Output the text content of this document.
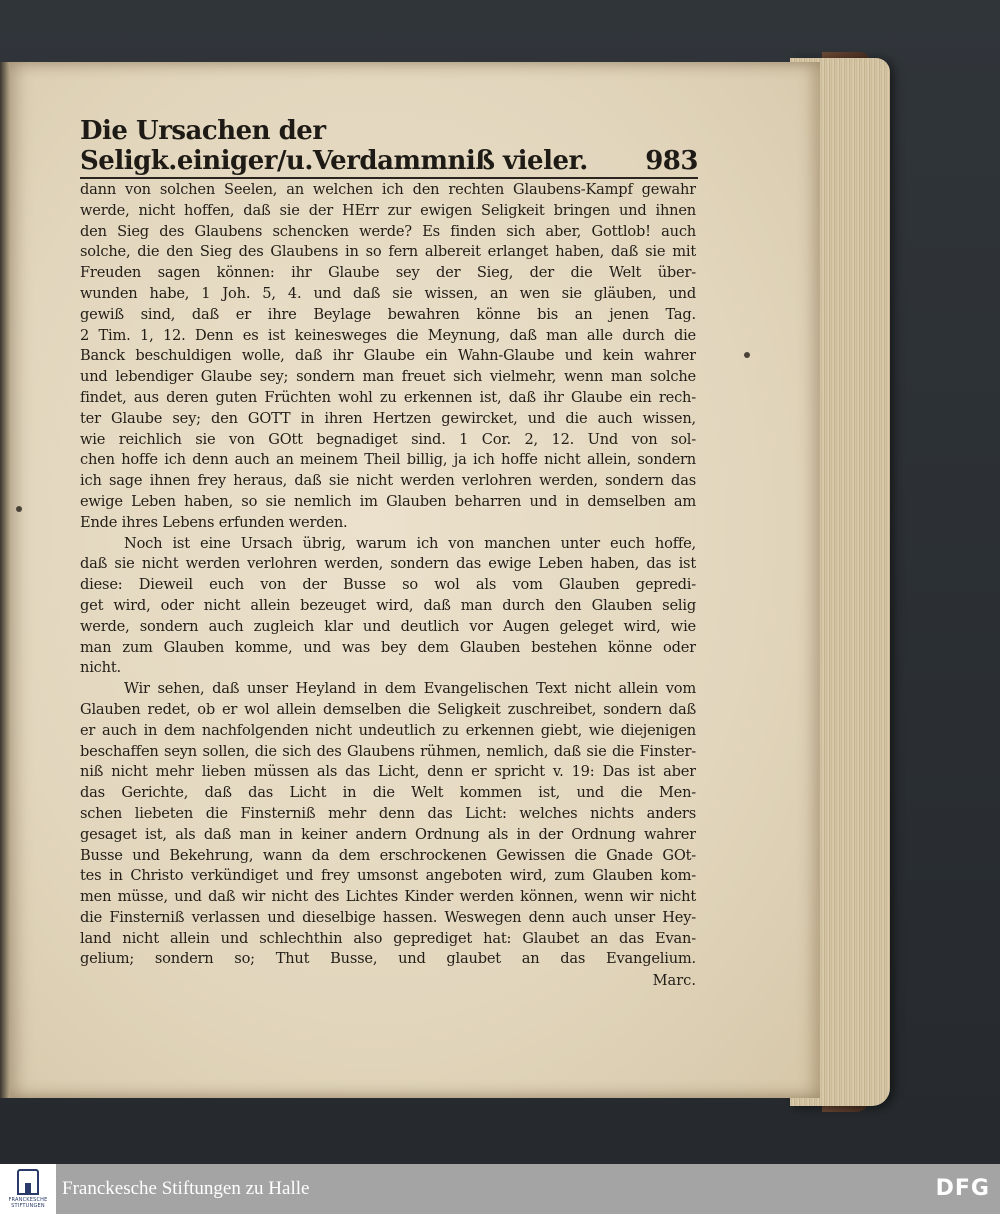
Die Ursachen der Seligk.einiger/u.Verdammniß vieler.	983
dann von solchen Seelen, an welchen ich den rechten Glaubens-Kampf gewahr
werde, nicht hoffen, daß sie der HErr zur ewigen Seligkeit bringen und ihnen
den Sieg des Glaubens schencken werde? Es finden sich aber, Gottlob! auch
solche, die den Sieg des Glaubens in so fern albereit erlanget haben, daß sie mit
Freuden sagen können: ihr Glaube sey der Sieg, der die Welt über-
wunden habe, 1 Joh. 5, 4. und daß sie wissen, an wen sie gläuben, und
gewiß sind, daß er ihre Beylage bewahren könne bis an jenen Tag.
2 Tim. 1, 12. Denn es ist keinesweges die Meynung, daß man alle durch die
Banck beschuldigen wolle, daß ihr Glaube ein Wahn-Glaube und kein wahrer
und lebendiger Glaube sey; sondern man freuet sich vielmehr, wenn man solche
findet, aus deren guten Früchten wohl zu erkennen ist, daß ihr Glaube ein rech-
ter Glaube sey; den GOTT in ihren Hertzen gewircket, und die auch wissen,
wie reichlich sie von GOtt begnadiget sind. 1 Cor. 2, 12. Und von sol-
chen hoffe ich denn auch an meinem Theil billig, ja ich hoffe nicht allein, sondern
ich sage ihnen frey heraus, daß sie nicht werden verlohren werden, sondern das
ewige Leben haben, so sie nemlich im Glauben beharren und in demselben am
Ende ihres Lebens erfunden werden.
Noch ist eine Ursach übrig, warum ich von manchen unter euch hoffe,
daß sie nicht werden verlohren werden, sondern das ewige Leben haben, das ist
diese: Dieweil euch von der Busse so wol als vom Glauben gepredi-
get wird, oder nicht allein bezeuget wird, daß man durch den Glauben selig
werde, sondern auch zugleich klar und deutlich vor Augen geleget wird, wie
man zum Glauben komme, und was bey dem Glauben bestehen könne oder
nicht.
Wir sehen, daß unser Heyland in dem Evangelischen Text nicht allein vom
Glauben redet, ob er wol allein demselben die Seligkeit zuschreibet, sondern daß
er auch in dem nachfolgenden nicht undeutlich zu erkennen giebt, wie diejenigen
beschaffen seyn sollen, die sich des Glaubens rühmen, nemlich, daß sie die Finster-
niß nicht mehr lieben müssen als das Licht, denn er spricht v. 19: Das ist aber
das Gerichte, daß das Licht in die Welt kommen ist, und die Men-
schen liebeten die Finsterniß mehr denn das Licht: welches nichts anders
gesaget ist, als daß man in keiner andern Ordnung als in der Ordnung wahrer
Busse und Bekehrung, wann da dem erschrockenen Gewissen die Gnade GOt-
tes in Christo verkündiget und frey umsonst angeboten wird, zum Glauben kom-
men müsse, und daß wir nicht des Lichtes Kinder werden können, wenn wir nicht
die Finsterniß verlassen und dieselbige hassen. Weswegen denn auch unser Hey-
land nicht allein und schlechthin also geprediget hat: Glaubet an das Evan-
gelium; sondern so; Thut Busse, und glaubet an das Evangelium.
Marc.
FRANCKESCHE STIFTUNGEN
Franckesche Stiftungen zu Halle	DFG
